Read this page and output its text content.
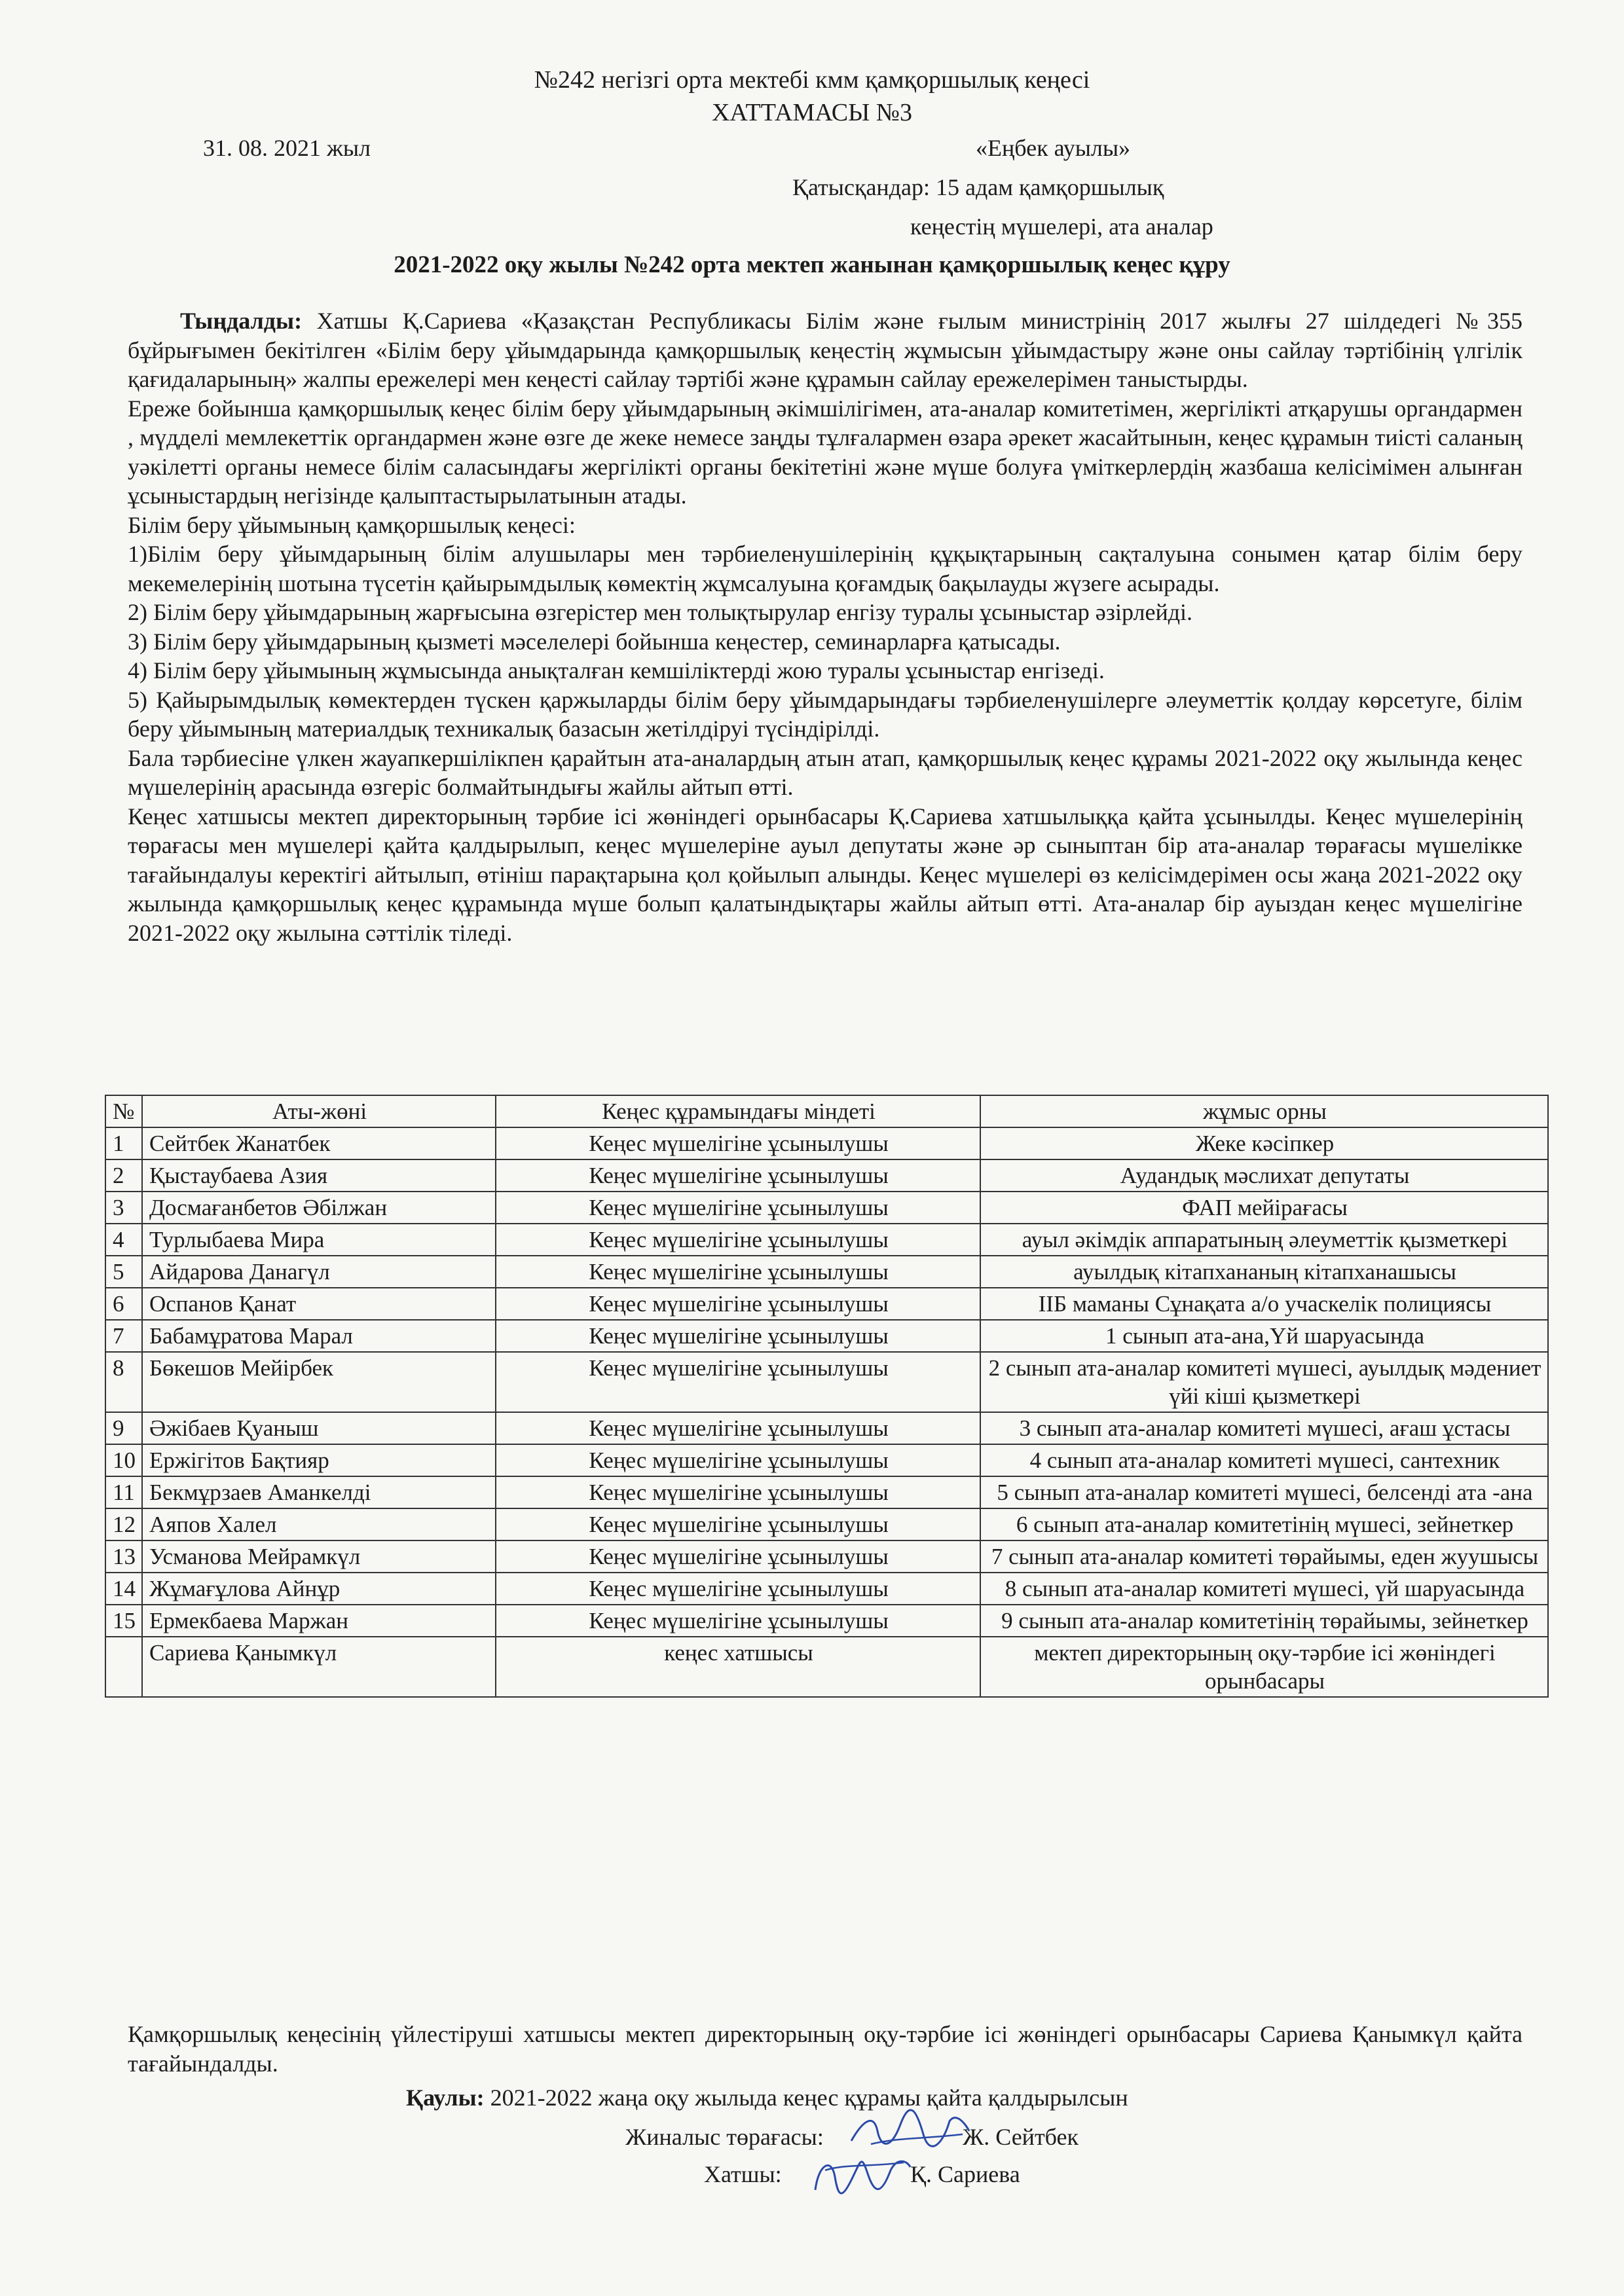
№242 негізгі орта мектебі кмм қамқоршылық кеңесі
ХАТТАМАСЫ №3
31. 08. 2021 жыл	«Еңбек ауылы»
Қатысқандар: 15 адам қамқоршылық
кеңестің мүшелері, ата аналар
2021-2022 оқу жылы №242 орта мектеп жанынан қамқоршылық кеңес құру

Тыңдалды: Хатшы Қ.Сариева «Қазақстан Республикасы Білім және ғылым министрінің 2017 жылғы 27 шілдедегі №355 бұйрығымен бекітілген «Білім беру ұйымдарында қамқоршылық кеңестің жұмысын ұйымдастыру және оны сайлау тәртібінің үлгілік қағидаларының» жалпы ережелері мен кеңесті сайлау тәртібі және құрамын сайлау ережелерімен таныстырды.

Ереже бойынша қамқоршылық кеңес білім беру ұйымдарының әкімшілігімен, ата-аналар комитетімен, жергілікті атқарушы органдармен , мүдделі мемлекеттік органдармен және өзге де жеке немесе заңды тұлғалармен өзара әрекет жасайтынын, кеңес құрамын тиісті саланың уәкілетті органы немесе білім саласындағы жергілікті органы бекітетіні және мүше болуға үміткерлердің жазбаша келісімімен алынған ұсыныстардың негізінде қалыптастырылатынын атады.

Білім беру ұйымының қамқоршылық кеңесі:

1)Білім беру ұйымдарының білім алушылары мен тәрбиеленушілерінің құқықтарының сақталуына сонымен қатар білім беру мекемелерінің шотына түсетін қайырымдылық көмектің жұмсалуына қоғамдық бақылауды жүзеге асырады.

2) Білім беру ұйымдарының жарғысына өзгерістер мен толықтырулар енгізу туралы ұсыныстар әзірлейді.

3) Білім беру ұйымдарының қызметі мәселелері бойынша кеңестер, семинарларға қатысады.

4) Білім беру ұйымының жұмысында анықталған кемшіліктерді жою туралы ұсыныстар енгізеді.

5) Қайырымдылық көмектерден түскен қаржыларды білім беру ұйымдарындағы тәрбиеленушілерге әлеуметтік қолдау көрсетуге, білім беру ұйымының материалдық техникалық базасын жетілдіруі түсіндірілді.

Бала тәрбиесіне үлкен жауапкершілікпен қарайтын ата-аналардың атын атап, қамқоршылық кеңес құрамы 2021-2022 оқу жылында кеңес мүшелерінің арасында өзгеріс болмайтындығы жайлы айтып өтті.

Кеңес хатшысы мектеп директорының тәрбие ісі жөніндегі орынбасары Қ.Сариева хатшылыққа қайта ұсынылды. Кеңес мүшелерінің төрағасы мен мүшелері қайта қалдырылып, кеңес мүшелеріне ауыл депутаты және әр сыныптан бір ата-аналар төрағасы мүшелікке тағайындалуы керектігі айтылып, өтініш парақтарына қол қойылып алынды. Кеңес мүшелері өз келісімдерімен осы жаңа 2021-2022 оқу жылында қамқоршылық кеңес құрамында мүше болып қалатындықтары жайлы айтып өтті. Ата-аналар бір ауыздан кеңес мүшелігіне 2021-2022 оқу жылына сәттілік тіледі.

№	Аты-жөні	Кеңес құрамындағы міндеті	жұмыс орны
1	Сейтбек Жанатбек	Кеңес мүшелігіне ұсынылушы	Жеке кәсіпкер
2	Қыстаубаева Азия	Кеңес мүшелігіне ұсынылушы	Аудандық мәслихат депутаты
3	Досмағанбетов Әбілжан	Кеңес мүшелігіне ұсынылушы	ФАП мейірағасы
4	Турлыбаева Мира	Кеңес мүшелігіне ұсынылушы	ауыл әкімдік аппаратының әлеуметтік қызметкері
5	Айдарова Данагүл	Кеңес мүшелігіне ұсынылушы	ауылдық кітапхананың кітапханашысы
6	Оспанов Қанат	Кеңес мүшелігіне ұсынылушы	ІІБ маманы Сұнақата а/о учаскелік полициясы
7	Бабамұратова Марал	Кеңес мүшелігіне ұсынылушы	1 сынып ата-ана,Үй шаруасында
8	Бөкешов Мейірбек	Кеңес мүшелігіне ұсынылушы	2 сынып ата-аналар комитеті мүшесі, ауылдық мәдениет үйі кіші қызметкері
9	Әжібаев Қуаныш	Кеңес мүшелігіне ұсынылушы	3 сынып ата-аналар комитеті мүшесі, ағаш ұстасы
10	Ержігітов Бақтияр	Кеңес мүшелігіне ұсынылушы	4 сынып ата-аналар комитеті мүшесі, сантехник
11	Бекмұрзаев Аманкелді	Кеңес мүшелігіне ұсынылушы	5 сынып ата-аналар комитеті мүшесі, белсенді ата -ана
12	Аяпов Халел	Кеңес мүшелігіне ұсынылушы	6 сынып ата-аналар комитетінің мүшесі, зейнеткер
13	Усманова Мейрамкүл	Кеңес мүшелігіне ұсынылушы	7 сынып ата-аналар комитеті төрайымы, еден жуушысы
14	Жұмағұлова Айнұр	Кеңес мүшелігіне ұсынылушы	8 сынып ата-аналар комитеті мүшесі, үй шаруасында
15	Ермекбаева Маржан	Кеңес мүшелігіне ұсынылушы	9 сынып ата-аналар комитетінің төрайымы, зейнеткер
	Сариева Қанымкүл	кеңес хатшысы	мектеп директорының оқу-тәрбие ісі жөніндегі орынбасары
Қамқоршылық кеңесінің үйлестіруші хатшысы мектеп директорының оқу-тәрбие ісі жөніндегі орынбасары Сариева Қанымкүл қайта тағайындалды.
Қаулы: 2021-2022 жаңа оқу жылыда кеңес құрамы қайта қалдырылсын
Жиналыс төрағасы:	Ж. Сейтбек
Хатшы:	Қ. Сариева
